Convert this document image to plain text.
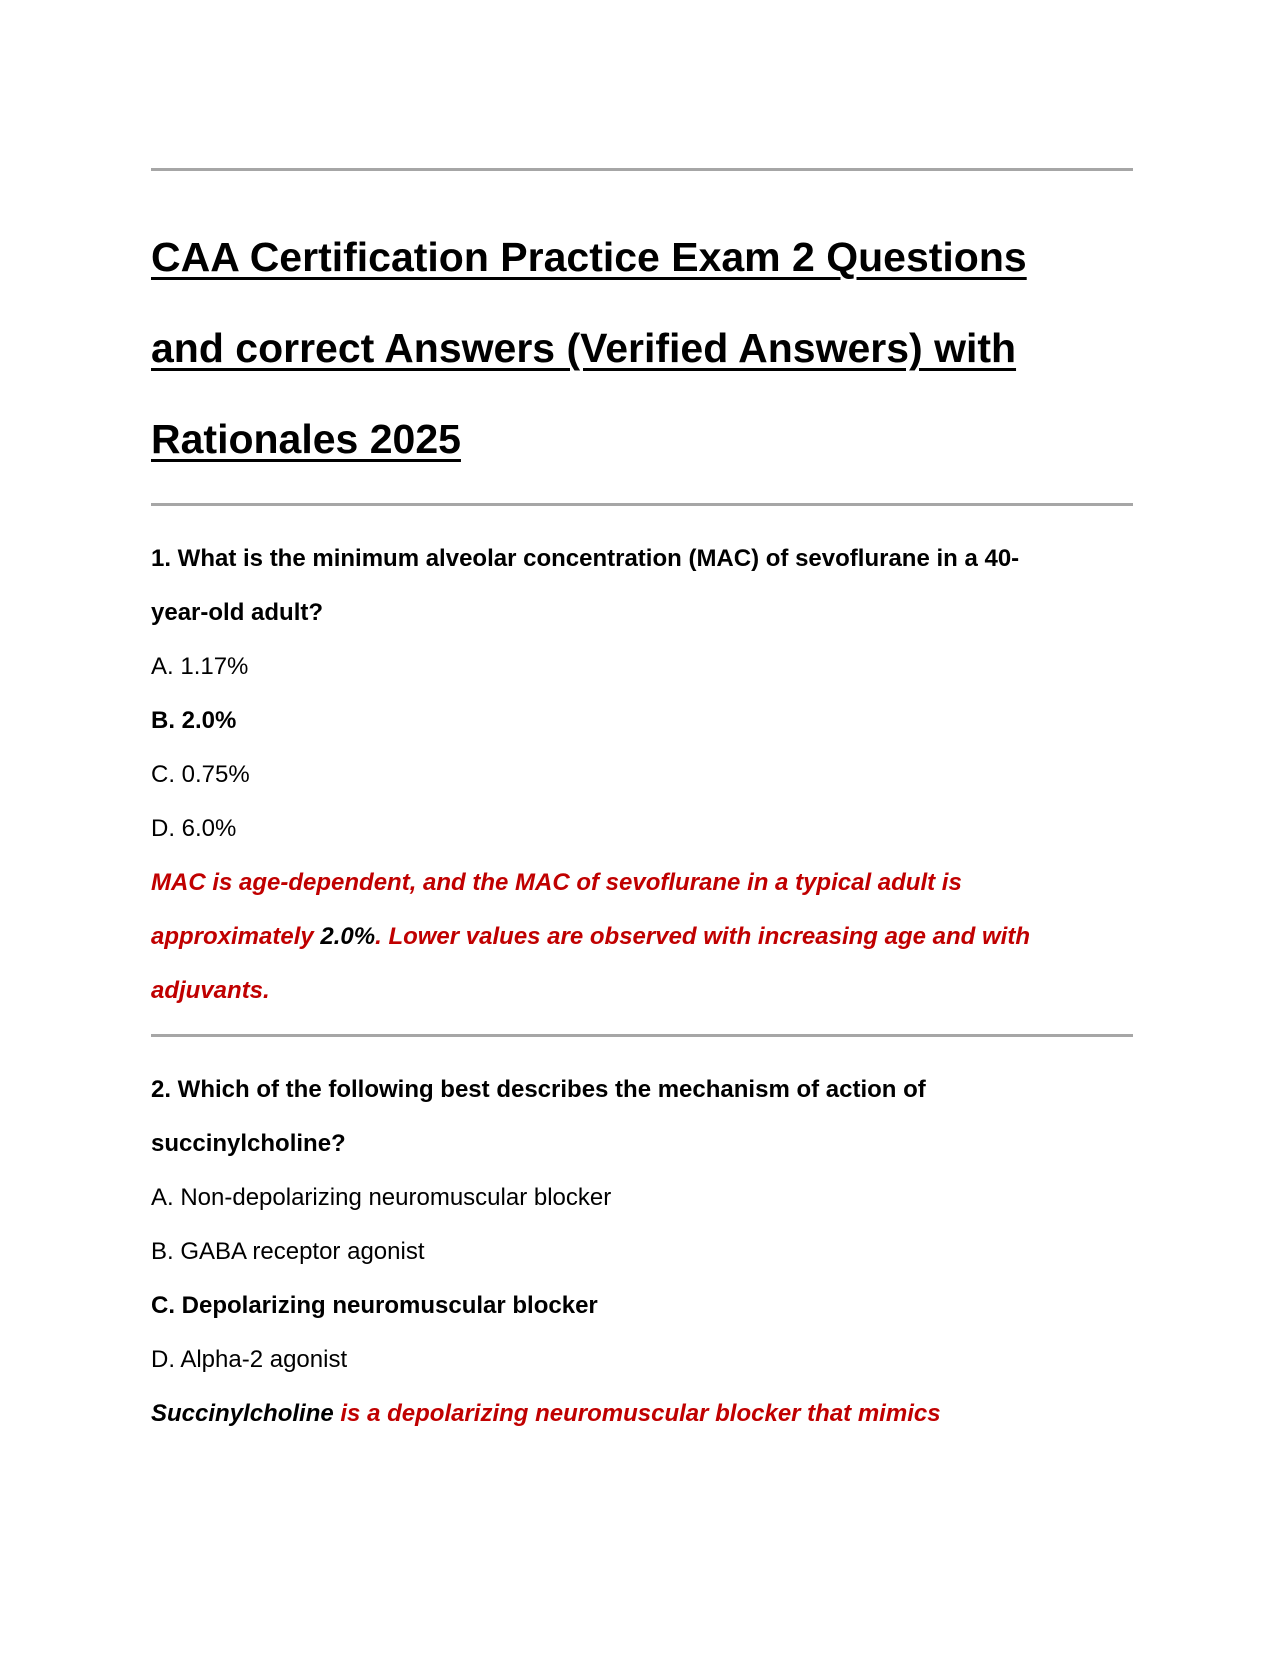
CAA Certification Practice Exam 2 Questions
and correct Answers (Verified Answers) with
Rationales 2025
1. What is the minimum alveolar concentration (MAC) of sevoflurane in a 40-
year-old adult?
A. 1.17%
B. 2.0%
C. 0.75%
D. 6.0%
MAC is age-dependent, and the MAC of sevoflurane in a typical adult is
approximately 2.0%. Lower values are observed with increasing age and with
adjuvants.
2. Which of the following best describes the mechanism of action of
succinylcholine?
A. Non-depolarizing neuromuscular blocker
B. GABA receptor agonist
C. Depolarizing neuromuscular blocker
D. Alpha-2 agonist
Succinylcholine is a depolarizing neuromuscular blocker that mimics
